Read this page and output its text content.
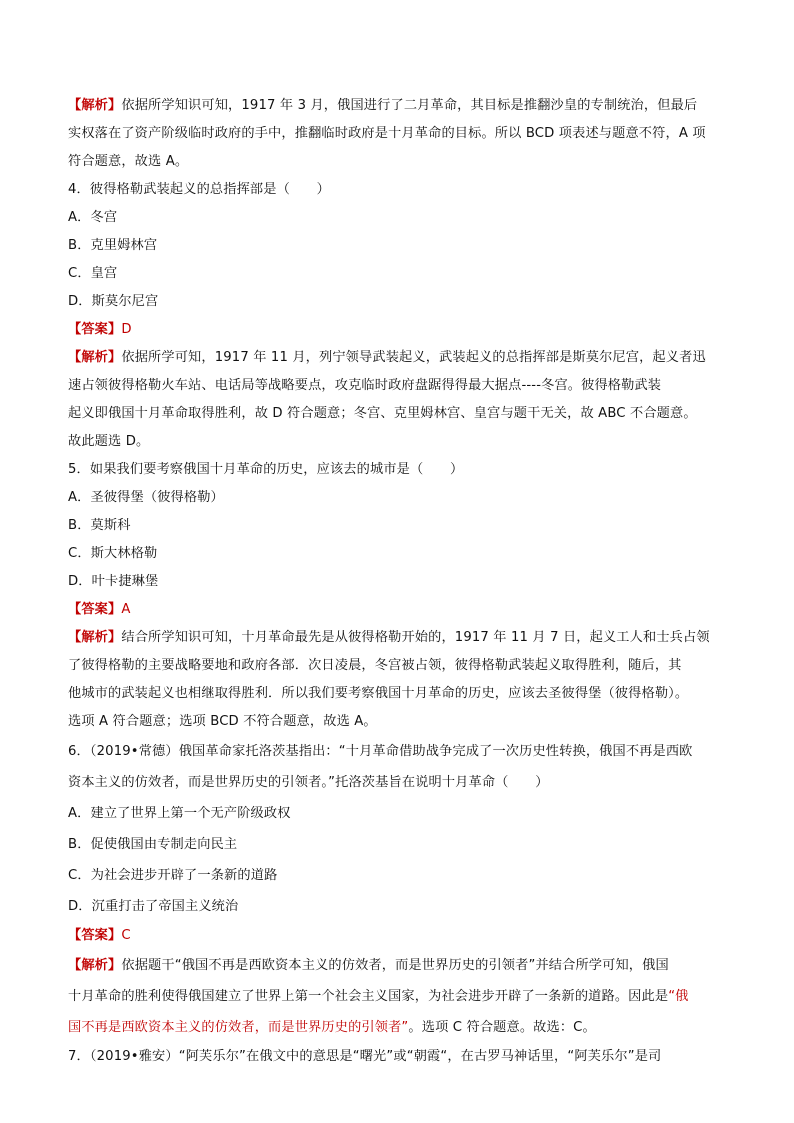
【解析】依据所学知识可知，1917 年 3 月，俄国进行了二月革命，其目标是推翻沙皇的专制统治，但最后
实权落在了资产阶级临时政府的手中，推翻临时政府是十月革命的目标。所以 BCD 项表述与题意不符，A 项
符合题意，故选 A。
4．彼得格勒武装起义的总指挥部是（　　）
A．冬宫
B．克里姆林宫
C．皇宫
D．斯莫尔尼宫
【答案】D
【解析】依据所学可知，1917 年 11 月，列宁领导武装起义，武装起义的总指挥部是斯莫尔尼宫，起义者迅
速占领彼得格勒火车站、电话局等战略要点，攻克临时政府盘踞得得最大据点----冬宫。彼得格勒武装
起义即俄国十月革命取得胜利，故 D 符合题意；冬宫、克里姆林宫、皇宫与题干无关，故 ABC 不合题意。
故此题选 D。
5．如果我们要考察俄国十月革命的历史，应该去的城市是（　　）
A．圣彼得堡（彼得格勒）
B．莫斯科
C．斯大林格勒
D．叶卡捷琳堡
【答案】A
【解析】结合所学知识可知，十月革命最先是从彼得格勒开始的，1917 年 11 月 7 日，起义工人和士兵占领
了彼得格勒的主要战略要地和政府各部．次日凌晨，冬宫被占领，彼得格勒武装起义取得胜利，随后，其
他城市的武装起义也相继取得胜利．所以我们要考察俄国十月革命的历史，应该去圣彼得堡（彼得格勒）。
选项 A 符合题意；选项 BCD 不符合题意，故选 A。
6．（2019•常德）俄国革命家托洛茨基指出：“十月革命借助战争完成了一次历史性转换，俄国不再是西欧
资本主义的仿效者，而是世界历史的引领者。”托洛茨基旨在说明十月革命（　　）
A．建立了世界上第一个无产阶级政权
B．促使俄国由专制走向民主
C．为社会进步开辟了一条新的道路
D．沉重打击了帝国主义统治
【答案】C
【解析】依据题干“俄国不再是西欧资本主义的仿效者，而是世界历史的引领者”并结合所学可知，俄国
十月革命的胜利使得俄国建立了世界上第一个社会主义国家，为社会进步开辟了一条新的道路。因此是“俄
国不再是西欧资本主义的仿效者，而是世界历史的引领者”。选项 C 符合题意。故选：C。
7．（2019•雅安）“阿芙乐尔”在俄文中的意思是“曙光”或“朝霞“，在古罗马神话里，“阿芙乐尔”是司
